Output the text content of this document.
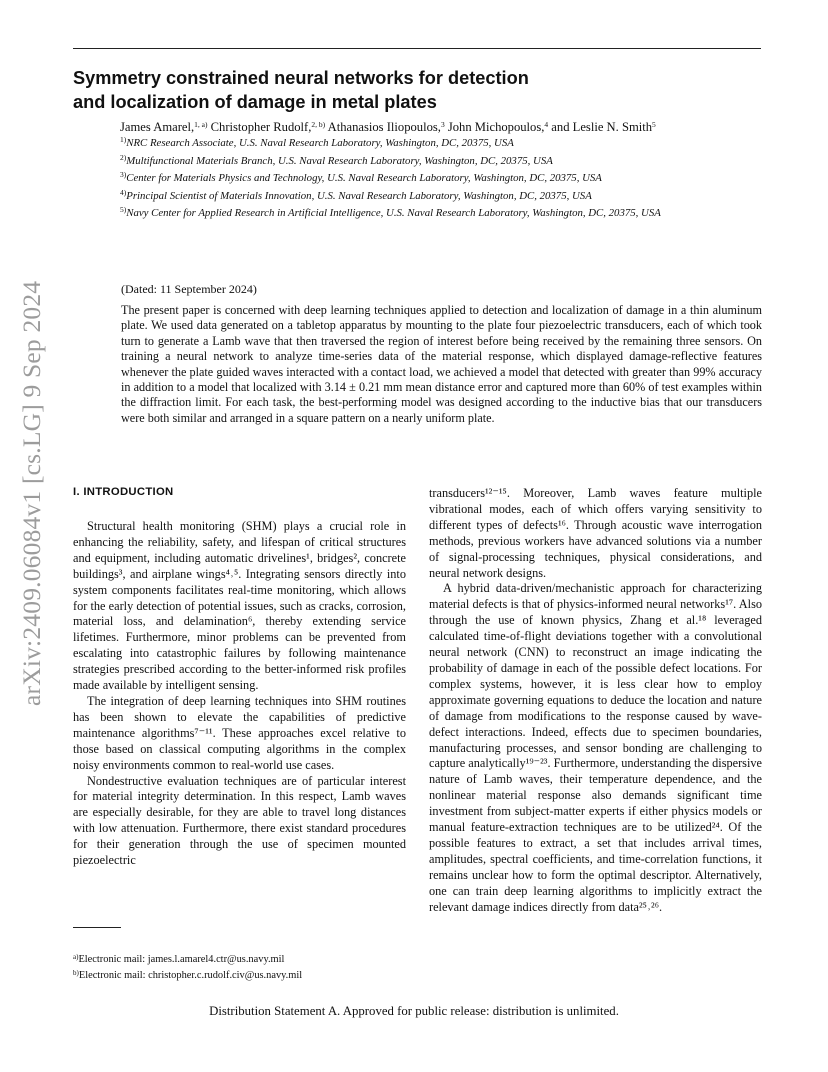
arXiv:2409.06084v1 [cs.LG] 9 Sep 2024
Symmetry constrained neural networks for detection
and localization of damage in metal plates
James Amarel,$^{1, a)}$ Christopher Rudolf,$^{2, b)}$ Athanasios Iliopoulos,$^3$ John Michopoulos,$^4$ and Leslie N. Smith$^5$

$^{1)}$NRC Research Associate, U.S. Naval Research Laboratory, Washington, DC, 20375, USA

$^{2)}$Multifunctional Materials Branch, U.S. Naval Research Laboratory, Washington, DC, 20375, USA

$^{3)}$Center for Materials Physics and Technology, U.S. Naval Research Laboratory, Washington, DC, 20375, USA

$^{4)}$Principal Scientist of Materials Innovation, U.S. Naval Research Laboratory, Washington, DC, 20375, USA

$^{5)}$Navy Center for Applied Research in Artificial Intelligence, U.S. Naval Research Laboratory, Washington, DC, 20375, USA

(Dated: 11 September 2024)
The present paper is concerned with deep learning techniques applied to detection and localization of damage in a thin aluminum plate. We used data generated on a tabletop apparatus by mounting to the plate four piezoelectric transducers, each of which took turn to generate a Lamb wave that then traversed the region of interest before being received by the remaining three sensors. On training a neural network to analyze time-series data of the material response, which displayed damage-reflective features whenever the plate guided waves interacted with a contact load, we achieved a model that detected with greater than 99% accuracy in addition to a model that localized with 3.14 ± 0.21 mm mean distance error and captured more than 60% of test examples within the diffraction limit. For each task, the best-performing model was designed according to the inductive bias that our transducers were both similar and arranged in a square pattern on a nearly uniform plate.
I. INTRODUCTION

Structural health monitoring (SHM) plays a crucial role in enhancing the reliability, safety, and lifespan of critical structures and equipment, including automatic drivelines¹, bridges², concrete buildings³, and airplane wings⁴˒⁵. Integrating sensors directly into system components facilitates real-time monitoring, which allows for the early detection of potential issues, such as cracks, corrosion, material loss, and delamination⁶, thereby extending service lifetimes. Furthermore, minor problems can be prevented from escalating into catastrophic failures by following maintenance strategies prescribed according to the better-informed risk profiles made available by intelligent sensing.

The integration of deep learning techniques into SHM routines has been shown to elevate the capabilities of predictive maintenance algorithms⁷⁻¹¹. These approaches excel relative to those based on classical computing algorithms in the complex noisy environments common to real-world use cases.

Nondestructive evaluation techniques are of particular interest for material integrity determination. In this respect, Lamb waves are especially desirable, for they are able to travel long distances with low attenuation. Furthermore, there exist standard procedures for their generation through the use of specimen mounted piezoelectric

transducers¹²⁻¹⁵. Moreover, Lamb waves feature multiple vibrational modes, each of which offers varying sensitivity to different types of defects¹⁶. Through acoustic wave interrogation methods, previous workers have advanced solutions via a number of signal-processing techniques, physical considerations, and neural network designs.

A hybrid data-driven/mechanistic approach for characterizing material defects is that of physics-informed neural networks¹⁷. Also through the use of known physics, Zhang et al.¹⁸ leveraged calculated time-of-flight deviations together with a convolutional neural network (CNN) to reconstruct an image indicating the probability of damage in each of the possible defect locations. For complex systems, however, it is less clear how to employ approximate governing equations to deduce the location and nature of damage from modifications to the response caused by wave-defect interactions. Indeed, effects due to specimen boundaries, manufacturing processes, and sensor bonding are challenging to capture analytically¹⁹⁻²³. Furthermore, understanding the dispersive nature of Lamb waves, their temperature dependence, and the nonlinear material response also demands significant time investment from subject-matter experts if either physics models or manual feature-extraction techniques are to be utilized²⁴. Of the possible features to extract, a set that includes arrival times, amplitudes, spectral coefficients, and time-correlation functions, it remains unclear how to form the optimal descriptor. Alternatively, one can train deep learning algorithms to implicitly extract the relevant damage indices directly from data²⁵˒²⁶.

$^{a)}$Electronic mail: james.l.amarel4.ctr@us.navy.mil
$^{b)}$Electronic mail: christopher.c.rudolf.civ@us.navy.mil
Distribution Statement A. Approved for public release: distribution is unlimited.
